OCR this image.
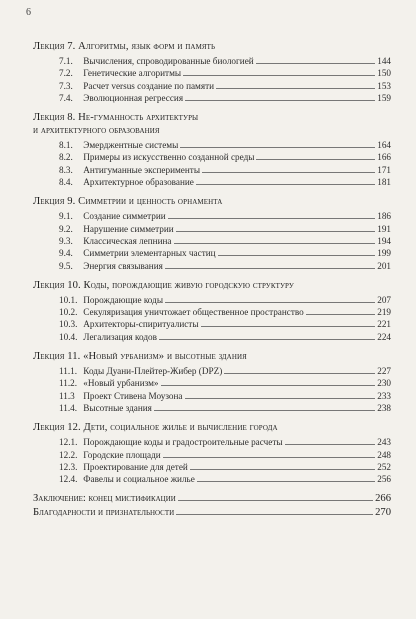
6
Лекция 7. Алгоритмы, язык форм и память
7.1. Вычисления, спроводированные биологией	144
7.2. Генетические алгоритмы	150
7.3. Расчет versus создание по памяти	153
7.4. Эволюционная регрессия	159
Лекция 8. Не-гуманность архитектуры
и архитектурного образования
8.1. Эмерджентные системы	164
8.2. Примеры из искусственно созданной среды	166
8.3. Антигуманные эксперименты	171
8.4. Архитектурное образование	181
Лекция 9. Симметрии и ценность орнамента
9.1. Создание симметрии	186
9.2. Нарушение симметрии	191
9.3. Классическая лепнина	194
9.4. Симметрии элементарных частиц	199
9.5. Энергия связывания	201
Лекция 10. Коды, порождающие живую городскую структуру
10.1. Порождающие коды	207
10.2. Секуляризация уничтожает общественное пространство	219
10.3. Архитекторы-спиритуалисты	221
10.4. Легализация кодов	224
Лекция 11. «Новый урбанизм» и высотные здания
11.1. Коды Дуани-Плейтер-Жибер (DPZ)	227
11.2. «Новый урбанизм»	230
11.3 Проект Стивена Моузона	233
11.4. Высотные здания	238
Лекция 12. Дети, социальное жилье и вычисление города
12.1. Порождающие коды и градостроительные расчеты	243
12.2. Городские площади	248
12.3. Проектирование для детей	252
12.4. Фавелы и социальное жилье	256
Заключение: конец мистификации	266
Благодарности и признательности	270
